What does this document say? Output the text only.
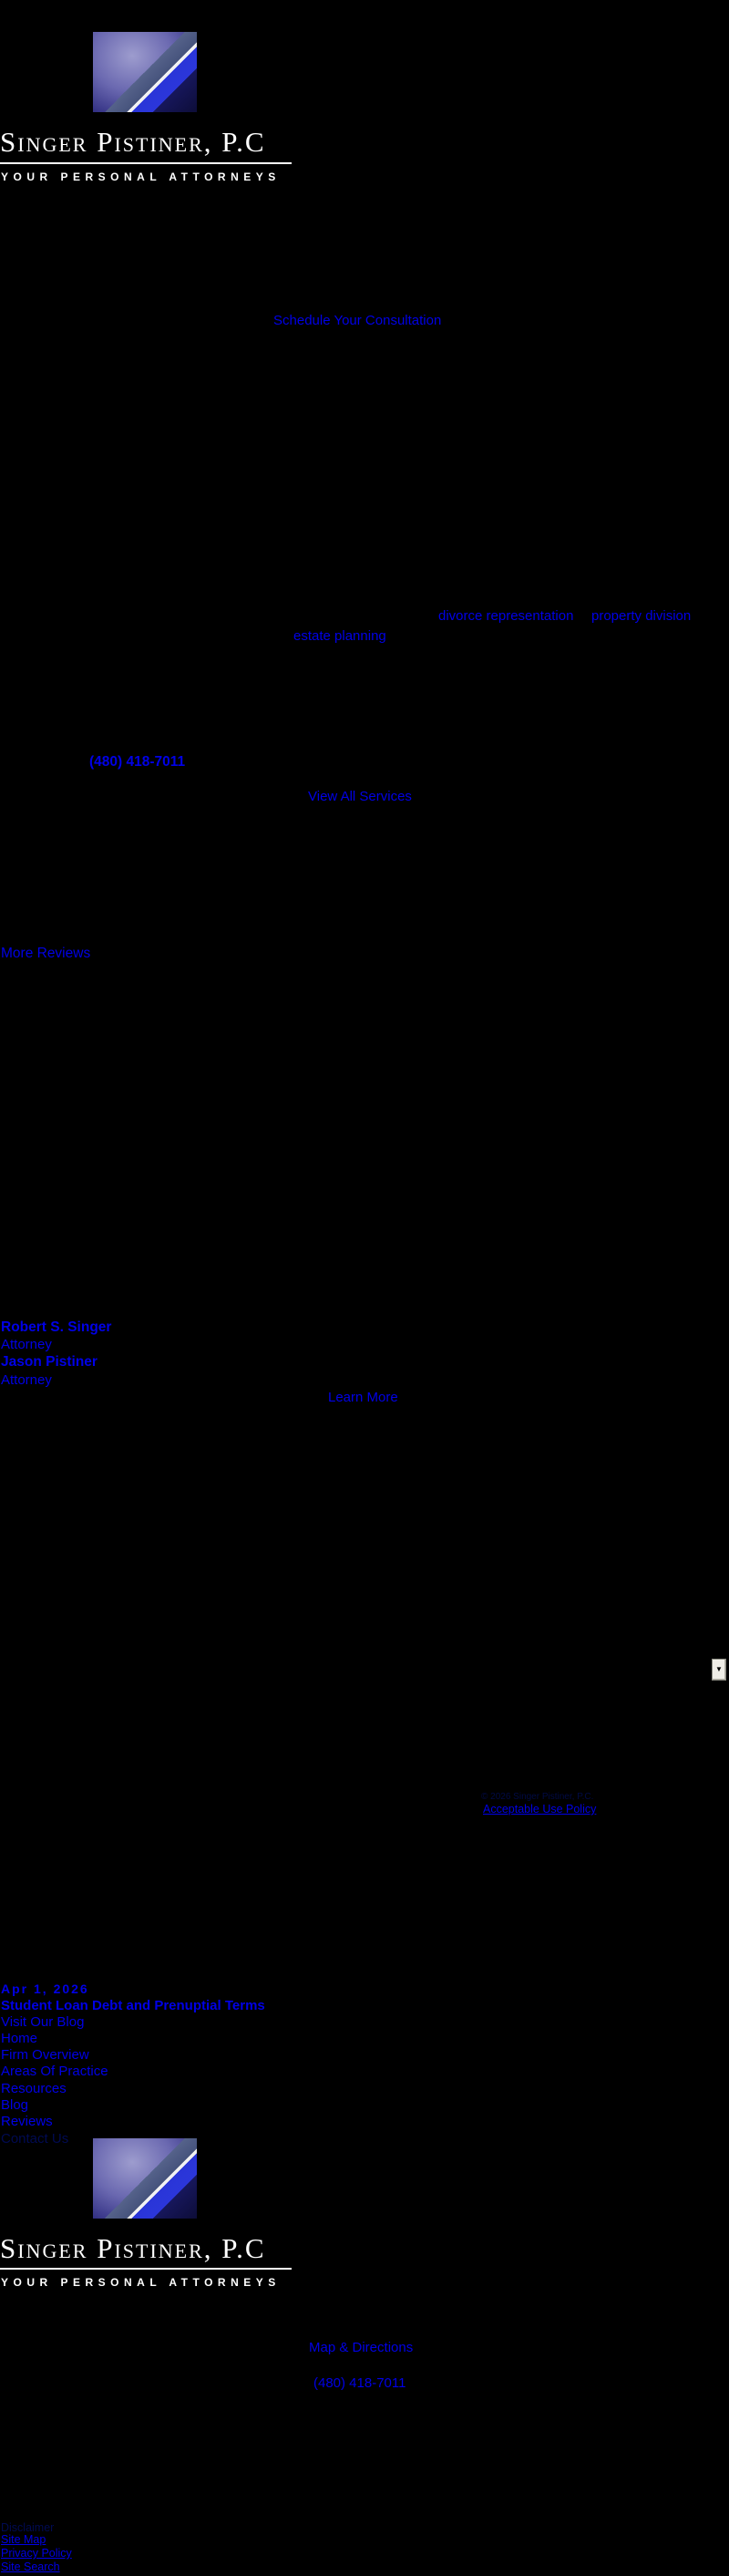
Singer Pistiner, P.C
YOUR PERSONAL ATTORNEYS
Schedule Your Consultation
divorce representation property division
estate planning
(480) 418-7011
View All Services
More Reviews
Robert S. Singer
Attorney
Jason Pistiner
Attorney
Learn More
▼
© 2026 Singer Pistiner, P.C.
Acceptable Use Policy
Apr 1, 2026
Student Loan Debt and Prenuptial Terms
Visit Our Blog
Home
Firm Overview
Areas Of Practice
Resources
Blog
Reviews
Contact Us
Singer Pistiner, P.C
YOUR PERSONAL ATTORNEYS
Map & Directions
(480) 418-7011
Disclaimer
Site Map
Privacy Policy
Site Search
